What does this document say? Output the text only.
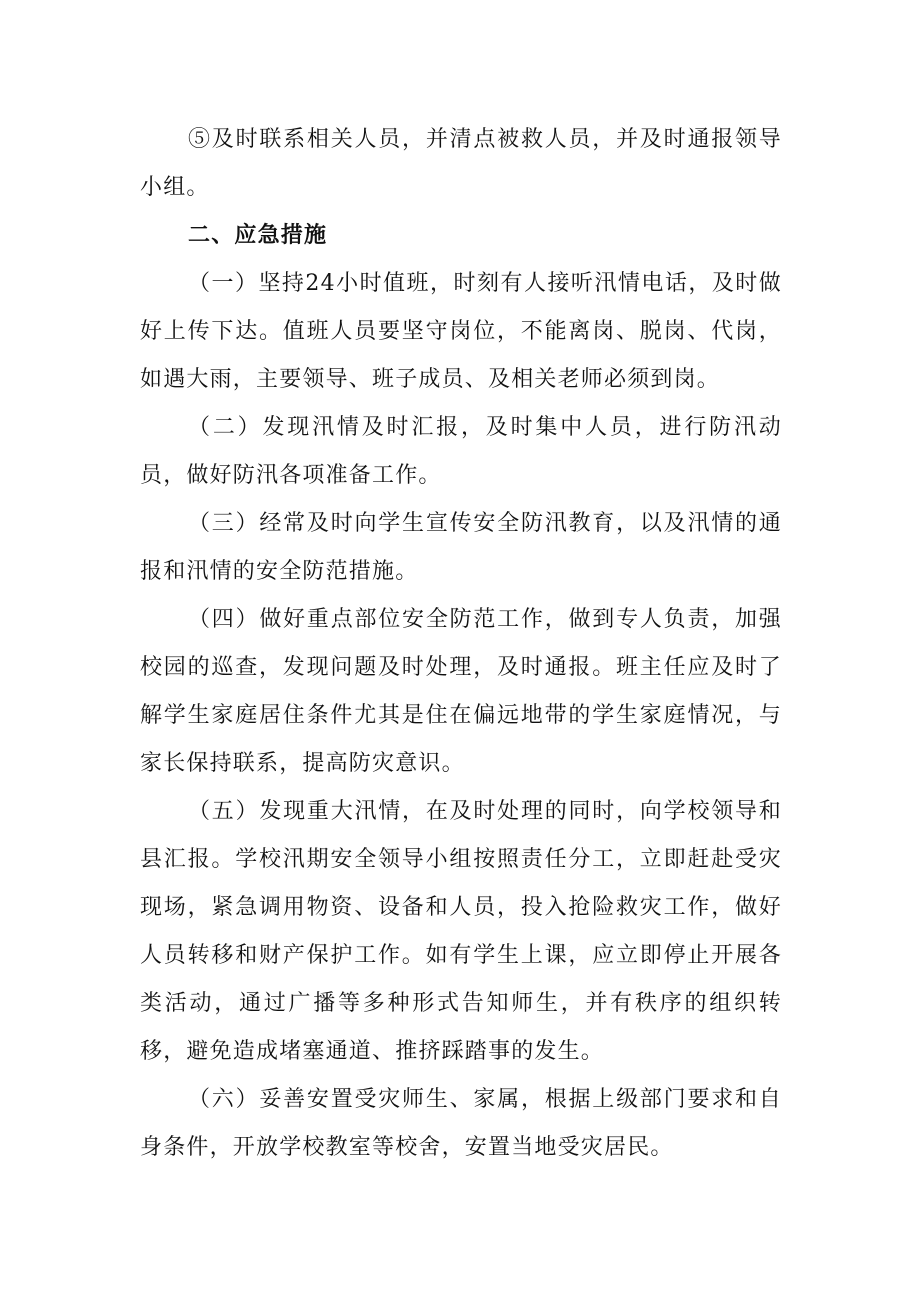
⑤及时联系相关人员，并清点被救人员，并及时通报领导小组。

二、应急措施

（一）坚持24小时值班，时刻有人接听汛情电话，及时做好上传下达。值班人员要坚守岗位，不能离岗、脱岗、代岗，如遇大雨，主要领导、班子成员、及相关老师必须到岗。

（二）发现汛情及时汇报，及时集中人员，进行防汛动员，做好防汛各项准备工作。

（三）经常及时向学生宣传安全防汛教育，以及汛情的通报和汛情的安全防范措施。

（四）做好重点部位安全防范工作，做到专人负责，加强校园的巡查，发现问题及时处理，及时通报。班主任应及时了解学生家庭居住条件尤其是住在偏远地带的学生家庭情况，与家长保持联系，提高防灾意识。

（五）发现重大汛情，在及时处理的同时，向学校领导和县汇报。学校汛期安全领导小组按照责任分工，立即赶赴受灾现场，紧急调用物资、设备和人员，投入抢险救灾工作，做好人员转移和财产保护工作。如有学生上课，应立即停止开展各类活动，通过广播等多种形式告知师生，并有秩序的组织转移，避免造成堵塞通道、推挤踩踏事的发生。

（六）妥善安置受灾师生、家属，根据上级部门要求和自身条件，开放学校教室等校舍，安置当地受灾居民。
